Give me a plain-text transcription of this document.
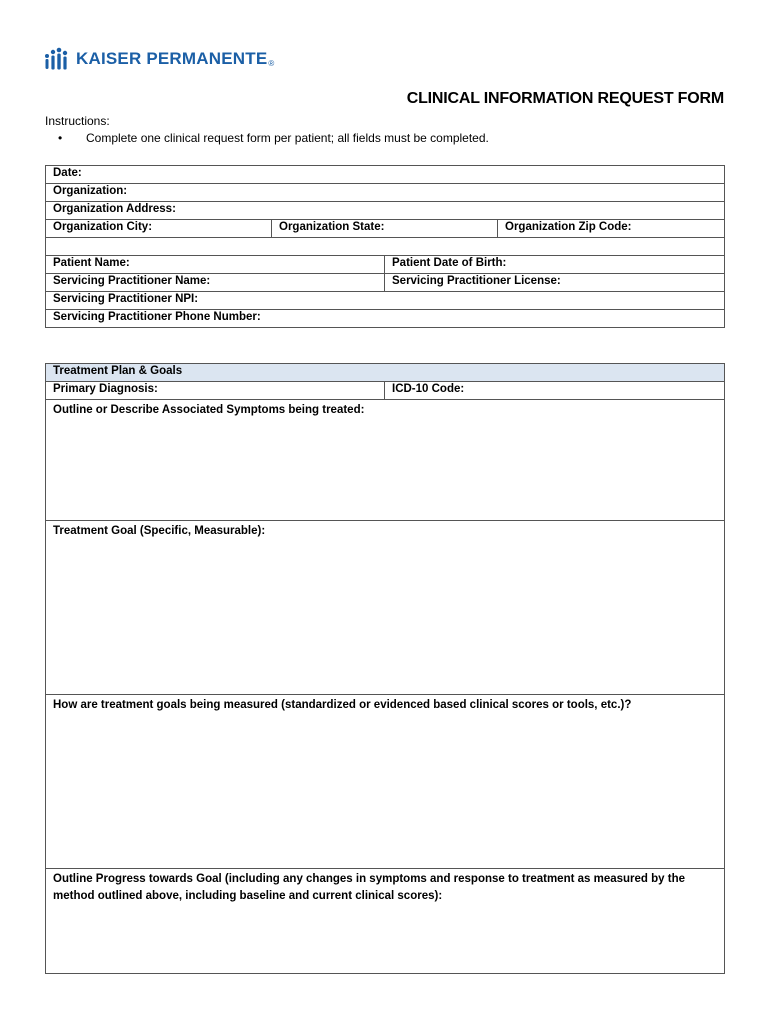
KAISER PERMANENTE ®
CLINICAL INFORMATION REQUEST FORM
Instructions:
• Complete one clinical request form per patient; all fields must be completed.
Date:			
Organization:			
Organization Address:			
Organization City:	Organization State:		Organization Zip Code:

Patient Name:		Patient Date of Birth:	
Servicing Practitioner Name:		Servicing Practitioner License:	
Servicing Practitioner NPI:			
Servicing Practitioner Phone Number:			
Treatment Plan & Goals
Primary Diagnosis:	ICD-10 Code:
Outline or Describe Associated Symptoms being treated:
Treatment Goal (Specific, Measurable):
How are treatment goals being measured (standardized or evidenced based clinical scores or tools, etc.)?
Outline Progress towards Goal (including any changes in symptoms and response to treatment as measured by the method outlined above, including baseline and current clinical scores):
